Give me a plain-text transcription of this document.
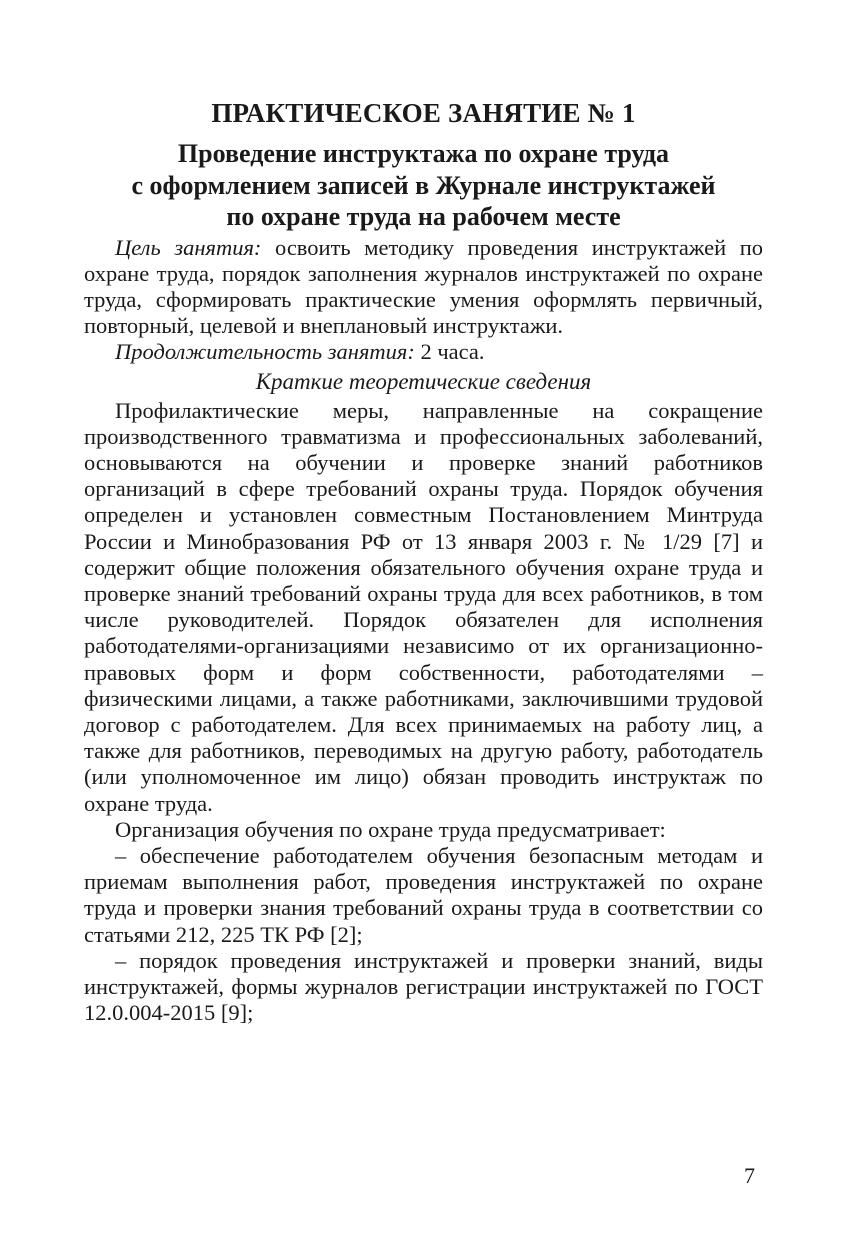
ПРАКТИЧЕСКОЕ ЗАНЯТИЕ № 1
Проведение инструктажа по охране труда
с оформлением записей в Журнале инструктажей
по охране труда на рабочем месте

Цель занятия: освоить методику проведения инструктажей по охране труда, порядок заполнения журналов инструктажей по охране труда, сформировать практические умения оформлять первичный, повторный, целевой и внеплановый инструктажи.

Продолжительность занятия: 2 часа.

Краткие теоретические сведения

Профилактические меры, направленные на сокращение производственного травматизма и профессиональных заболеваний, основываются на обучении и проверке знаний работников организаций в сфере требований охраны труда. Порядок обучения определен и установлен совместным Постановлением Минтруда России и Минобразования РФ от 13 января 2003 г. № 1/29 [7] и содержит общие положения обязательного обучения охране труда и проверке знаний требований охраны труда для всех работников, в том числе руководителей. Порядок обязателен для исполнения работодателями-организациями независимо от их организационно-правовых форм и форм собственности, работодателями – физическими лицами, а также работниками, заключившими трудовой договор с работодателем. Для всех принимаемых на работу лиц, а также для работников, переводимых на другую работу, работодатель (или уполномоченное им лицо) обязан проводить инструктаж по охране труда.

Организация обучения по охране труда предусматривает:

– обеспечение работодателем обучения безопасным методам и приемам выполнения работ, проведения инструктажей по охране труда и проверки знания требований охраны труда в соответствии со статьями 212, 225 ТК РФ [2];

– порядок проведения инструктажей и проверки знаний, виды инструктажей, формы журналов регистрации инструктажей по ГОСТ 12.0.004-2015 [9];

7
